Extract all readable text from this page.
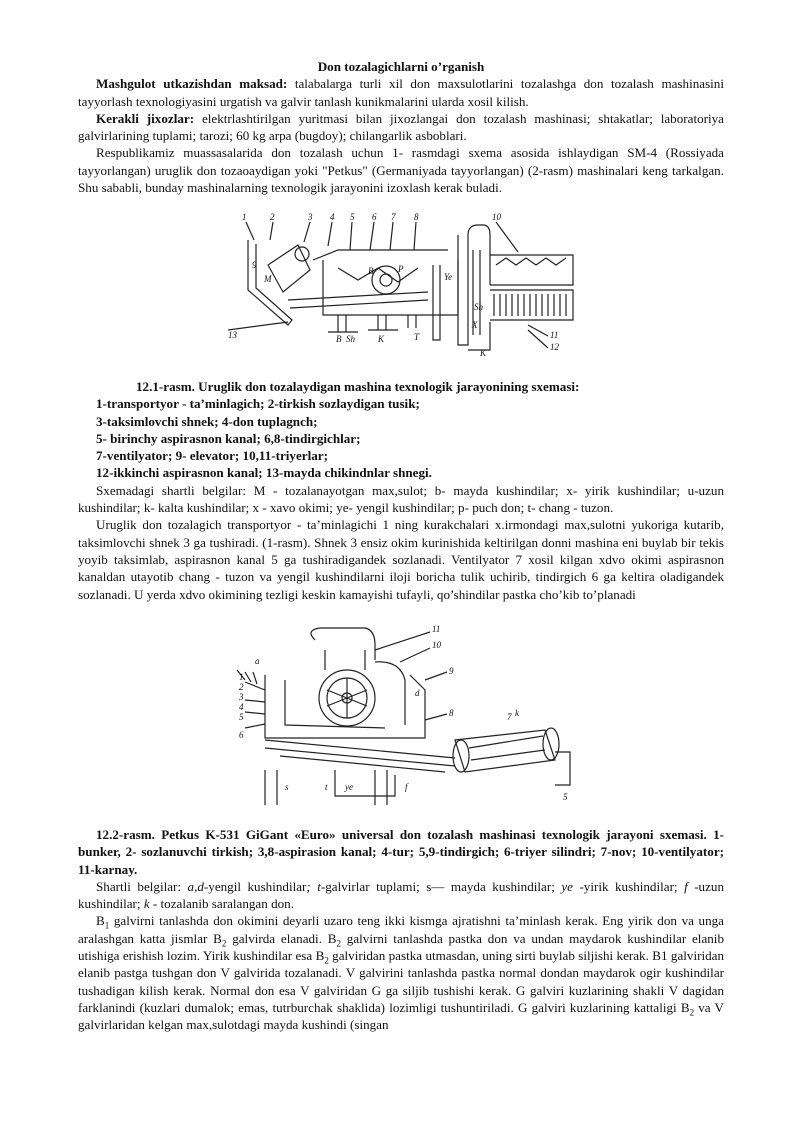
Don tozalagichlarni o’rganish

Mashgulot utkazishdan maksad: talabalarga turli xil don maxsulotlarini tozalashga don tozalash mashinasini tayyorlash texnologiyasini urgatish va galvir tanlash kunikmalarini ularda xosil kilish.

Kerakli jixozlar: elektrlashtirilgan yuritmasi bilan jixozlangai don tozalash mashinasi; shtakatlar; laboratoriya galvirlarining tuplami; tarozi; 60 kg arpa (bugdoy); chilangarlik asboblari.

Respublikamiz muassasalarida don tozalash uchun 1- rasmdagi sxema asosida ishlaydigan SM-4 (Rossiyada tayyorlangan) uruglik don tozaoaydigan yoki "Petkus" (Germaniyada tayyorlangan) (2-rasm) mashinalari keng tarkalgan. Shu sababli, bunday mashinalarning texnologik jarayonini izoxlash kerak buladi.

1	2	3 4 5 6 7 8
9
10
11
12
13
M
B	K
P
Sh	T
B
Ye
X
Sh
K

12.1-rasm. Uruglik don tozalaydigan mashina texnologik jarayonining sxemasi:

1-transportyor - ta’minlagich; 2-tirkish sozlaydigan tusik;

3-taksimlovchi shnek; 4-don tuplagnch;

5- birinchy aspirasnon kanal; 6,8-tindirgichlar;

7-ventilyator; 9- elevator; 10,11-triyerlar;

12-ikkinchi aspirasnon kanal; 13-mayda chikindnlar shnegi.

Sxemadagi shartli belgilar: M - tozalanayotgan max,sulot; b- mayda kushindilar; x- yirik kushindilar; u-uzun kushindilar; k- kalta kushindilar; x - xavo okimi; ye- yengil kushindilar; p- puch don; t- chang - tuzon.

Uruglik don tozalagich transportyor - ta’minlagichi 1 ning kurakchalari x.irmondagi max,sulotni yukoriga kutarib, taksimlovchi shnek 3 ga tushiradi. (1-rasm). Shnek 3 ensiz okim kurinishida keltirilgan donni mashina eni buylab bir tekis yoyib taksimlab, aspirasnon kanal 5 ga tushiradigandek sozlanadi. Ventilyator 7 xosil kilgan xdvo okimi aspirasnon kanaldan utayotib chang - tuzon va yengil kushindilarni iloji boricha tulik uchirib, tindirgich 6 ga keltira oladigandek sozlanadi. U yerda xdvo okimining tezligi keskin kamayishi tufayli, qo’shindilar pastka cho’kib to’planadi

11
10
9
8	7
6
5
4
3
2
1
a
d
t
s	ye	f
k
5

12.2-rasm. Petkus K-531 GiGant «Euro» universal don tozalash mashinasi texnologik jarayoni sxemasi. 1-bunker, 2- sozlanuvchi tirkish; 3,8-aspirasion kanal; 4-tur; 5,9-tindirgich; 6-triyer silindri; 7-nov; 10-ventilyator; 11-karnay.

Shartli belgilar: a,d-yengil kushindilar; t-galvirlar tuplami; s— mayda kushindilar; ye -yirik kushindilar; f -uzun kushindilar; k - tozalanib saralangan don.

$B_1$ galvirni tanlashda don okimini deyarli uzaro teng ikki kismga ajratishni ta’minlash kerak. Eng yirik don va unga aralashgan katta jismlar $B_2$ galvirda elanadi. $B_2$ galvirni tanlashda pastka don va undan maydarok kushindilar elanib utishiga erishish lozim. Yirik kushindilar esa $B_2$ galviridan pastka utmasdan, uning sirti buylab siljishi kerak. B1 galviridan elanib pastga tushgan don V galvirida tozalanadi. V galvirini tanlashda pastka normal dondan maydarok ogir kushindilar tushadigan kilish kerak. Normal don esa V galviridan G ga siljib tushishi kerak. G galviri kuzlarining shakli V dagidan farklanindi (kuzlari dumalok; emas, tutrburchak shaklida) lozimligi tushuntiriladi. G galviri kuzlarining kattaligi $B_2$ va V galvirlaridan kelgan max,sulotdagi mayda kushindi (singan
